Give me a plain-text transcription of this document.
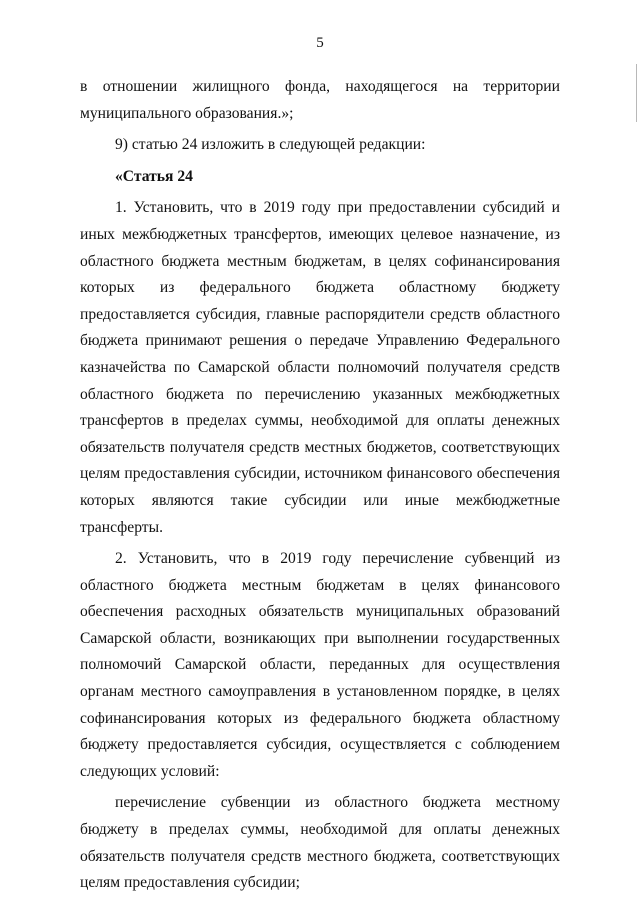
5

в отношении жилищного фонда, находящегося на территории муниципального образования.»;

9) статью 24 изложить в следующей редакции:

«Статья 24

1. Установить, что в 2019 году при предоставлении субсидий и иных межбюджетных трансфертов, имеющих целевое назначение, из областного бюджета местным бюджетам, в целях софинансирования которых из федерального бюджета областному бюджету предоставляется субсидия, главные распорядители средств областного бюджета принимают решения о передаче Управлению Федерального казначейства по Самарской области полномочий получателя средств областного бюджета по перечислению указанных межбюджетных трансфертов в пределах суммы, необходимой для оплаты денежных обязательств получателя средств местных бюджетов, соответствующих целям предоставления субсидии, источником финансового обеспечения которых являются такие субсидии или иные межбюджетные трансферты.

2. Установить, что в 2019 году перечисление субвенций из областного бюджета местным бюджетам в целях финансового обеспечения расходных обязательств муниципальных образований Самарской области, возникающих при выполнении государственных полномочий Самарской области, переданных для осуществления органам местного самоуправления в установленном порядке, в целях софинансирования которых из федерального бюджета областному бюджету предоставляется субсидия, осуществляется с соблюдением следующих условий:

перечисление субвенции из областного бюджета местному бюджету в пределах суммы, необходимой для оплаты денежных обязательств получателя средств местного бюджета, соответствующих целям предоставления субсидии;
